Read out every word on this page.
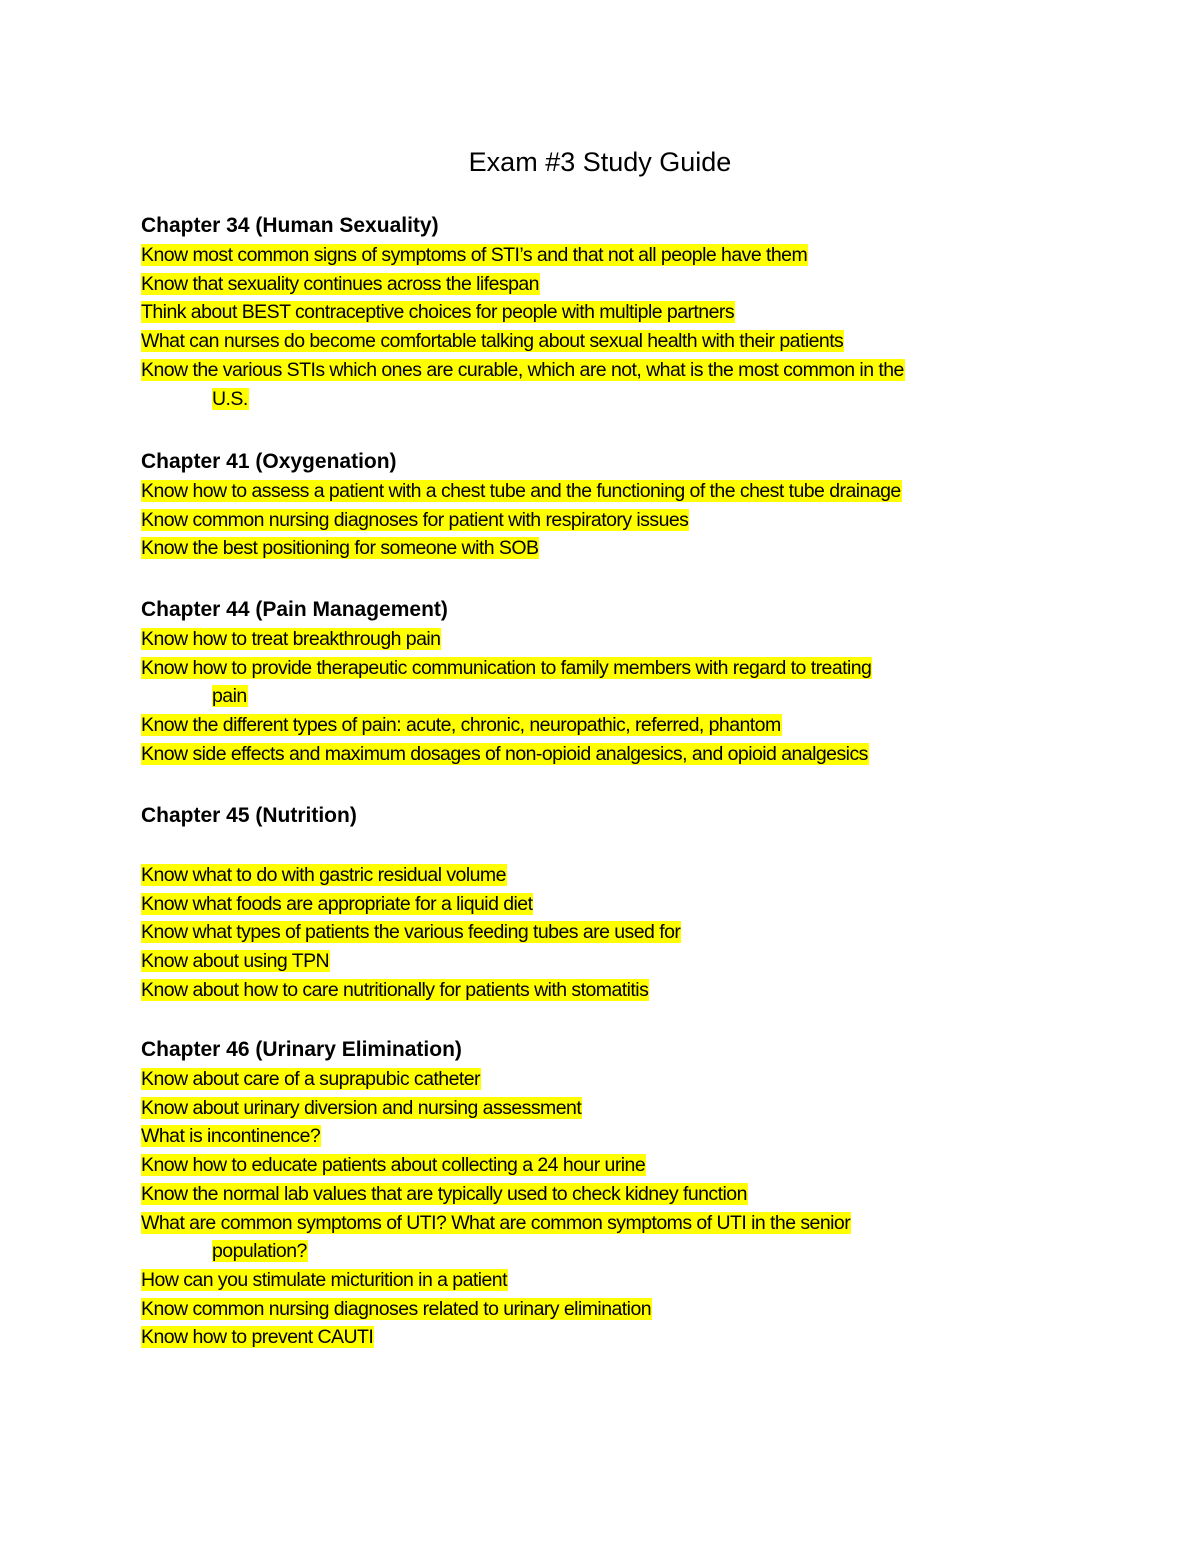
Exam #3 Study Guide
Chapter 34 (Human Sexuality)
Know most common signs of symptoms of STI’s and that not all people have them
Know that sexuality continues across the lifespan
Think about BEST contraceptive choices for people with multiple partners
What can nurses do become comfortable talking about sexual health with their patients
Know the various STIs which ones are curable, which are not, what is the most common in the
U.S.
Chapter 41 (Oxygenation)
Know how to assess a patient with a chest tube and the functioning of the chest tube drainage
Know common nursing diagnoses for patient with respiratory issues
Know the best positioning for someone with SOB
Chapter 44 (Pain Management)
Know how to treat breakthrough pain
Know how to provide therapeutic communication to family members with regard to treating
pain
Know the different types of pain: acute, chronic, neuropathic, referred, phantom
Know side effects and maximum dosages of non-opioid analgesics, and opioid analgesics
Chapter 45 (Nutrition)
Know what to do with gastric residual volume
Know what foods are appropriate for a liquid diet
Know what types of patients the various feeding tubes are used for
Know about using TPN
Know about how to care nutritionally for patients with stomatitis
Chapter 46 (Urinary Elimination)
Know about care of a suprapubic catheter
Know about urinary diversion and nursing assessment
What is incontinence?
Know how to educate patients about collecting a 24 hour urine
Know the normal lab values that are typically used to check kidney function
What are common symptoms of UTI? What are common symptoms of UTI in the senior
population?
How can you stimulate micturition in a patient
Know common nursing diagnoses related to urinary elimination
Know how to prevent CAUTI
